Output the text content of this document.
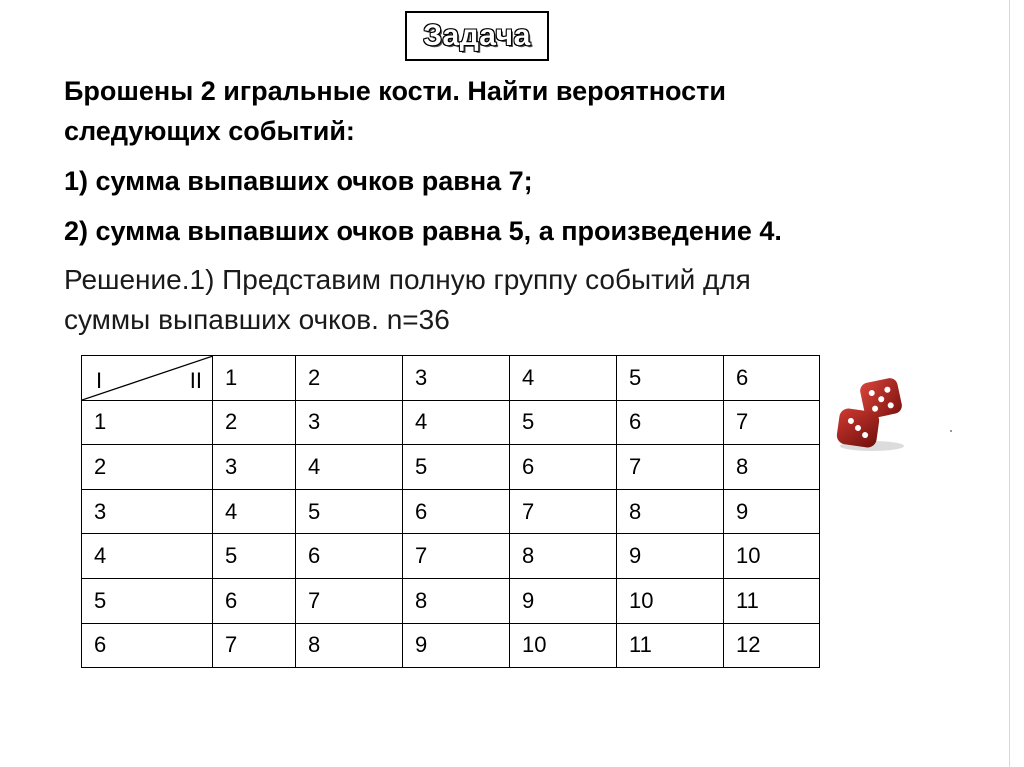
Задача
Брошены 2 игральные кости. Найти вероятности
следующих событий:
1) сумма выпавших очков равна 7;
2) сумма выпавших очков равна 5, а произведение 4.
Решение.1) Представим полную группу событий для
суммы выпавших очков. n=36
I II	1	2	3	4	5	6
1	2	3	4	5	6	7
2	3	4	5	6	7	8
3	4	5	6	7	8	9
4	5	6	7	8	9	10
5	6	7	8	9	10	11
6	7	8	9	10	11	12
